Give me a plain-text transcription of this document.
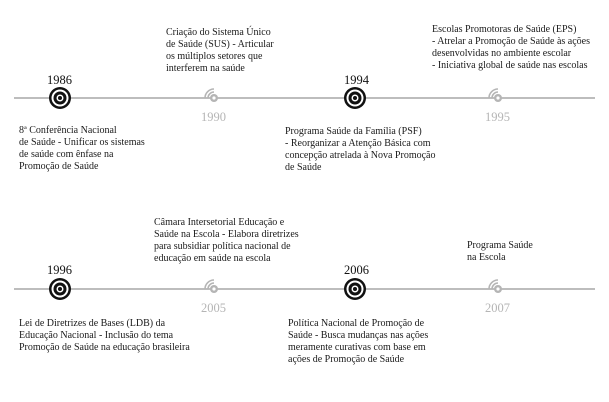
1986
8ª Conferência Nacional
de Saúde - Unificar os sistemas
de saúde com ênfase na
Promoção de Saúde
Criação do Sistema Único
de Saúde (SUS) - Articular
os múltiplos setores que
interferem na saúde
1990
1994
Programa Saúde da Família (PSF)
- Reorganizar a Atenção Básica com
concepção atrelada à Nova Promoção
de Saúde
Escolas Promotoras de Saúde (EPS)
- Atrelar a Promoção de Saúde às ações
desenvolvidas no ambiente escolar
- Iniciativa global de saúde nas escolas
1995
1996
Lei de Diretrizes de Bases (LDB) da
Educação Nacional - Inclusão do tema
Promoção de Saúde na educação brasileira
Câmara Intersetorial Educação e
Saúde na Escola - Elabora diretrizes
para subsidiar política nacional de
educação em saúde na escola
2005
2006
Política Nacional de Promoção de
Saúde - Busca mudanças nas ações
meramente curativas com base em
ações de Promoção de Saúde
Programa Saúde
na Escola
2007
